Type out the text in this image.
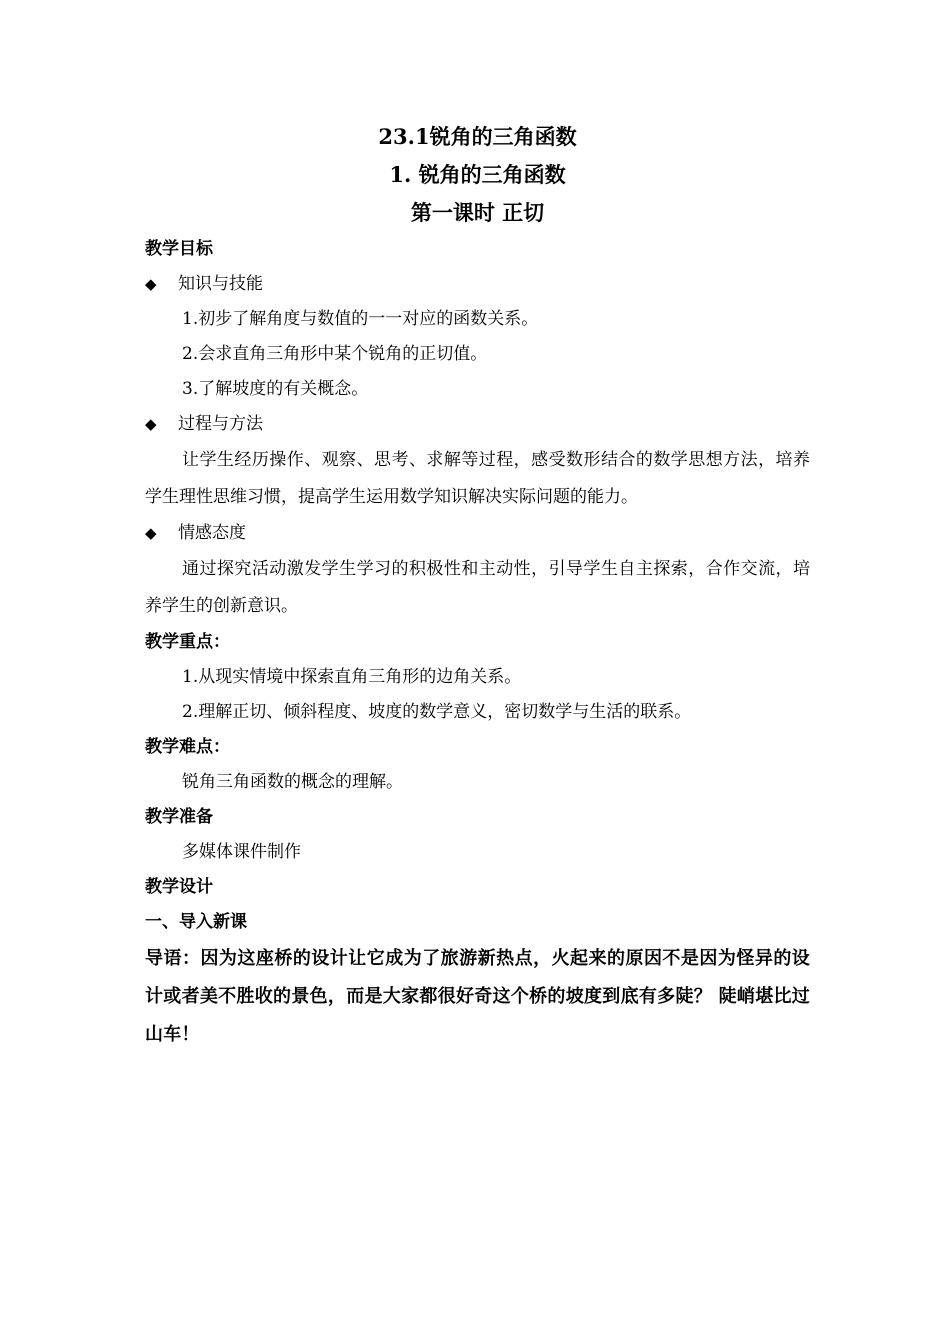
23.1锐角的三角函数

1. 锐角的三角函数

第一课时 正切

教学目标

◆ 知识与技能

1.初步了解角度与数值的一一对应的函数关系。

2.会求直角三角形中某个锐角的正切值。

3.了解坡度的有关概念。

◆ 过程与方法

让学生经历操作、观察、思考、求解等过程，感受数形结合的数学思想方法，培养学生理性思维习惯，提高学生运用数学知识解决实际问题的能力。

◆ 情感态度

通过探究活动激发学生学习的积极性和主动性，引导学生自主探索，合作交流，培养学生的创新意识。

教学重点：

1.从现实情境中探索直角三角形的边角关系。

2.理解正切、倾斜程度、坡度的数学意义，密切数学与生活的联系。

教学难点：

锐角三角函数的概念的理解。

教学准备

多媒体课件制作

教学设计

一、导入新课

导语：因为这座桥的设计让它成为了旅游新热点，火起来的原因不是因为怪异的设计或者美不胜收的景色，而是大家都很好奇这个桥的坡度到底有多陡？ 陡峭堪比过山车！
